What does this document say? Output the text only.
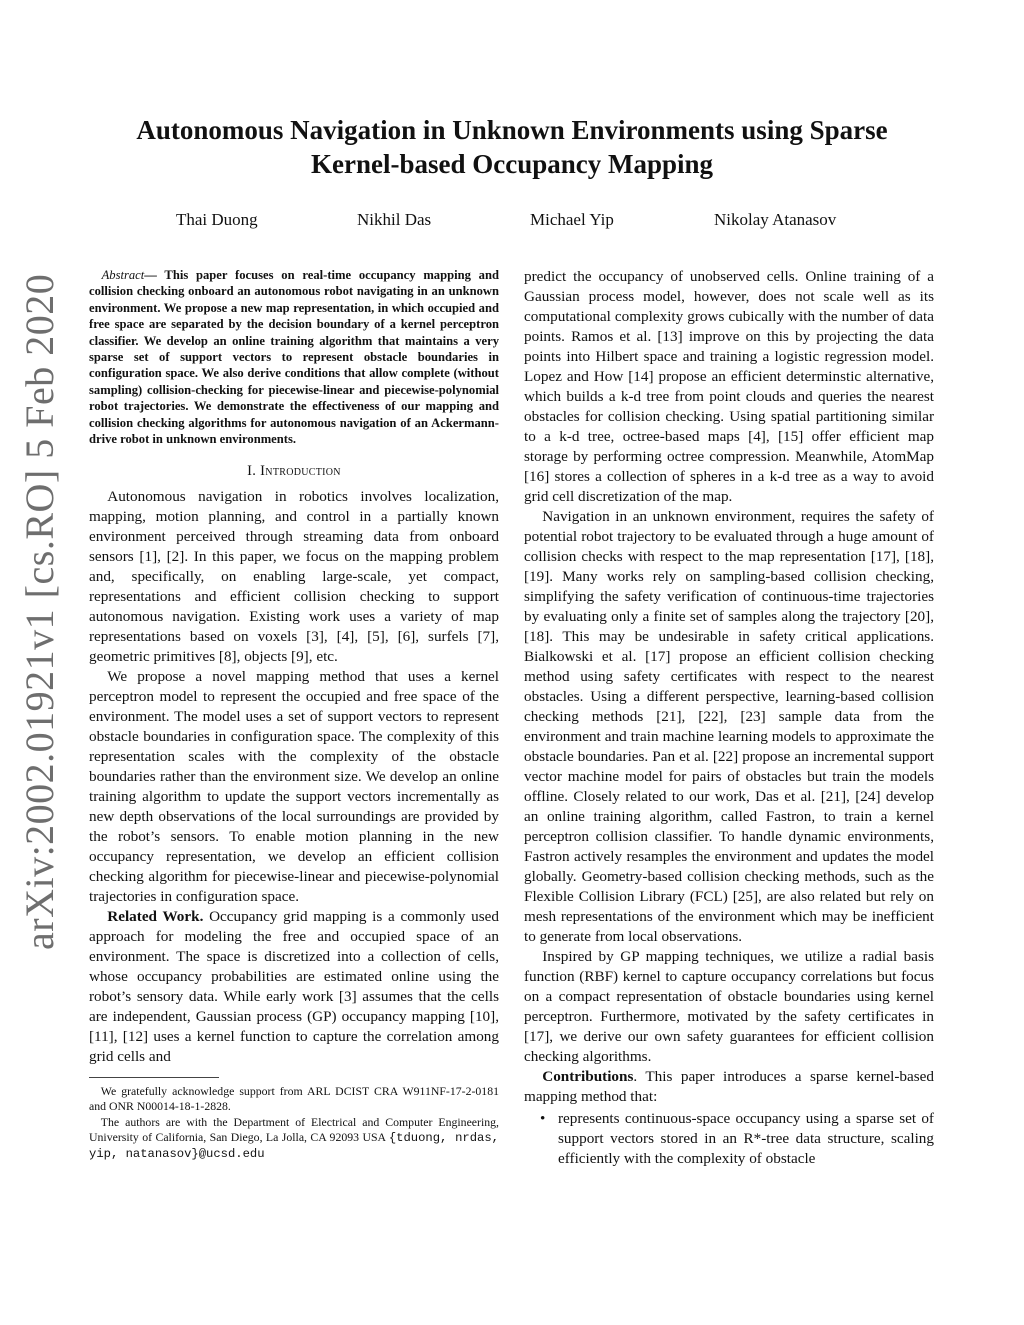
arXiv:2002.01921v1 [cs.RO] 5 Feb 2020
Autonomous Navigation in Unknown Environments using Sparse Kernel-based Occupancy Mapping
Thai Duong	Nikhil Das	Michael Yip	Nikolay Atanasov

Abstract— This paper focuses on real-time occupancy mapping and collision checking onboard an autonomous robot navigating in an unknown environment. We propose a new map representation, in which occupied and free space are separated by the decision boundary of a kernel perceptron classifier. We develop an online training algorithm that maintains a very sparse set of support vectors to represent obstacle boundaries in configuration space. We also derive conditions that allow complete (without sampling) collision-checking for piecewise-linear and piecewise-polynomial robot trajectories. We demonstrate the effectiveness of our mapping and collision checking algorithms for autonomous navigation of an Ackermann-drive robot in unknown environments.

I. Introduction

Autonomous navigation in robotics involves localization, mapping, motion planning, and control in a partially known environment perceived through streaming data from onboard sensors [1], [2]. In this paper, we focus on the mapping problem and, specifically, on enabling large-scale, yet compact, representations and efficient collision checking to support autonomous navigation. Existing work uses a variety of map representations based on voxels [3], [4], [5], [6], surfels [7], geometric primitives [8], objects [9], etc.

We propose a novel mapping method that uses a kernel perceptron model to represent the occupied and free space of the environment. The model uses a set of support vectors to represent obstacle boundaries in configuration space. The complexity of this representation scales with the complexity of the obstacle boundaries rather than the environment size. We develop an online training algorithm to update the support vectors incrementally as new depth observations of the local surroundings are provided by the robot’s sensors. To enable motion planning in the new occupancy representation, we develop an efficient collision checking algorithm for piecewise-linear and piecewise-polynomial trajectories in configuration space.

Related Work. Occupancy grid mapping is a commonly used approach for modeling the free and occupied space of an environment. The space is discretized into a collection of cells, whose occupancy probabilities are estimated online using the robot’s sensory data. While early work [3] assumes that the cells are independent, Gaussian process (GP) occupancy mapping [10], [11], [12] uses a kernel function to capture the correlation among grid cells and

We gratefully acknowledge support from ARL DCIST CRA W911NF-17-2-0181 and ONR N00014-18-1-2828.

The authors are with the Department of Electrical and Computer Engineering, University of California, San Diego, La Jolla, CA 92093 USA {tduong, nrdas, yip, natanasov}@ucsd.edu

predict the occupancy of unobserved cells. Online training of a Gaussian process model, however, does not scale well as its computational complexity grows cubically with the number of data points. Ramos et al. [13] improve on this by projecting the data points into Hilbert space and training a logistic regression model. Lopez and How [14] propose an efficient determinstic alternative, which builds a k-d tree from point clouds and queries the nearest obstacles for collision checking. Using spatial partitioning similar to a k-d tree, octree-based maps [4], [15] offer efficient map storage by performing octree compression. Meanwhile, AtomMap [16] stores a collection of spheres in a k-d tree as a way to avoid grid cell discretization of the map.

Navigation in an unknown environment, requires the safety of potential robot trajectory to be evaluated through a huge amount of collision checks with respect to the map representation [17], [18], [19]. Many works rely on sampling-based collision checking, simplifying the safety verification of continuous-time trajectories by evaluating only a finite set of samples along the trajectory [20], [18]. This may be undesirable in safety critical applications. Bialkowski et al. [17] propose an efficient collision checking method using safety certificates with respect to the nearest obstacles. Using a different perspective, learning-based collision checking methods [21], [22], [23] sample data from the environment and train machine learning models to approximate the obstacle boundaries. Pan et al. [22] propose an incremental support vector machine model for pairs of obstacles but train the models offline. Closely related to our work, Das et al. [21], [24] develop an online training algorithm, called Fastron, to train a kernel perceptron collision classifier. To handle dynamic environments, Fastron actively resamples the environment and updates the model globally. Geometry-based collision checking methods, such as the Flexible Collision Library (FCL) [25], are also related but rely on mesh representations of the environment which may be inefficient to generate from local observations.

Inspired by GP mapping techniques, we utilize a radial basis function (RBF) kernel to capture occupancy correlations but focus on a compact representation of obstacle boundaries using kernel perceptron. Furthermore, motivated by the safety certificates in [17], we derive our own safety guarantees for efficient collision checking algorithms.

Contributions. This paper introduces a sparse kernel-based mapping method that:

• represents continuous-space occupancy using a sparse set of support vectors stored in an R*-tree data structure, scaling efficiently with the complexity of obstacle
